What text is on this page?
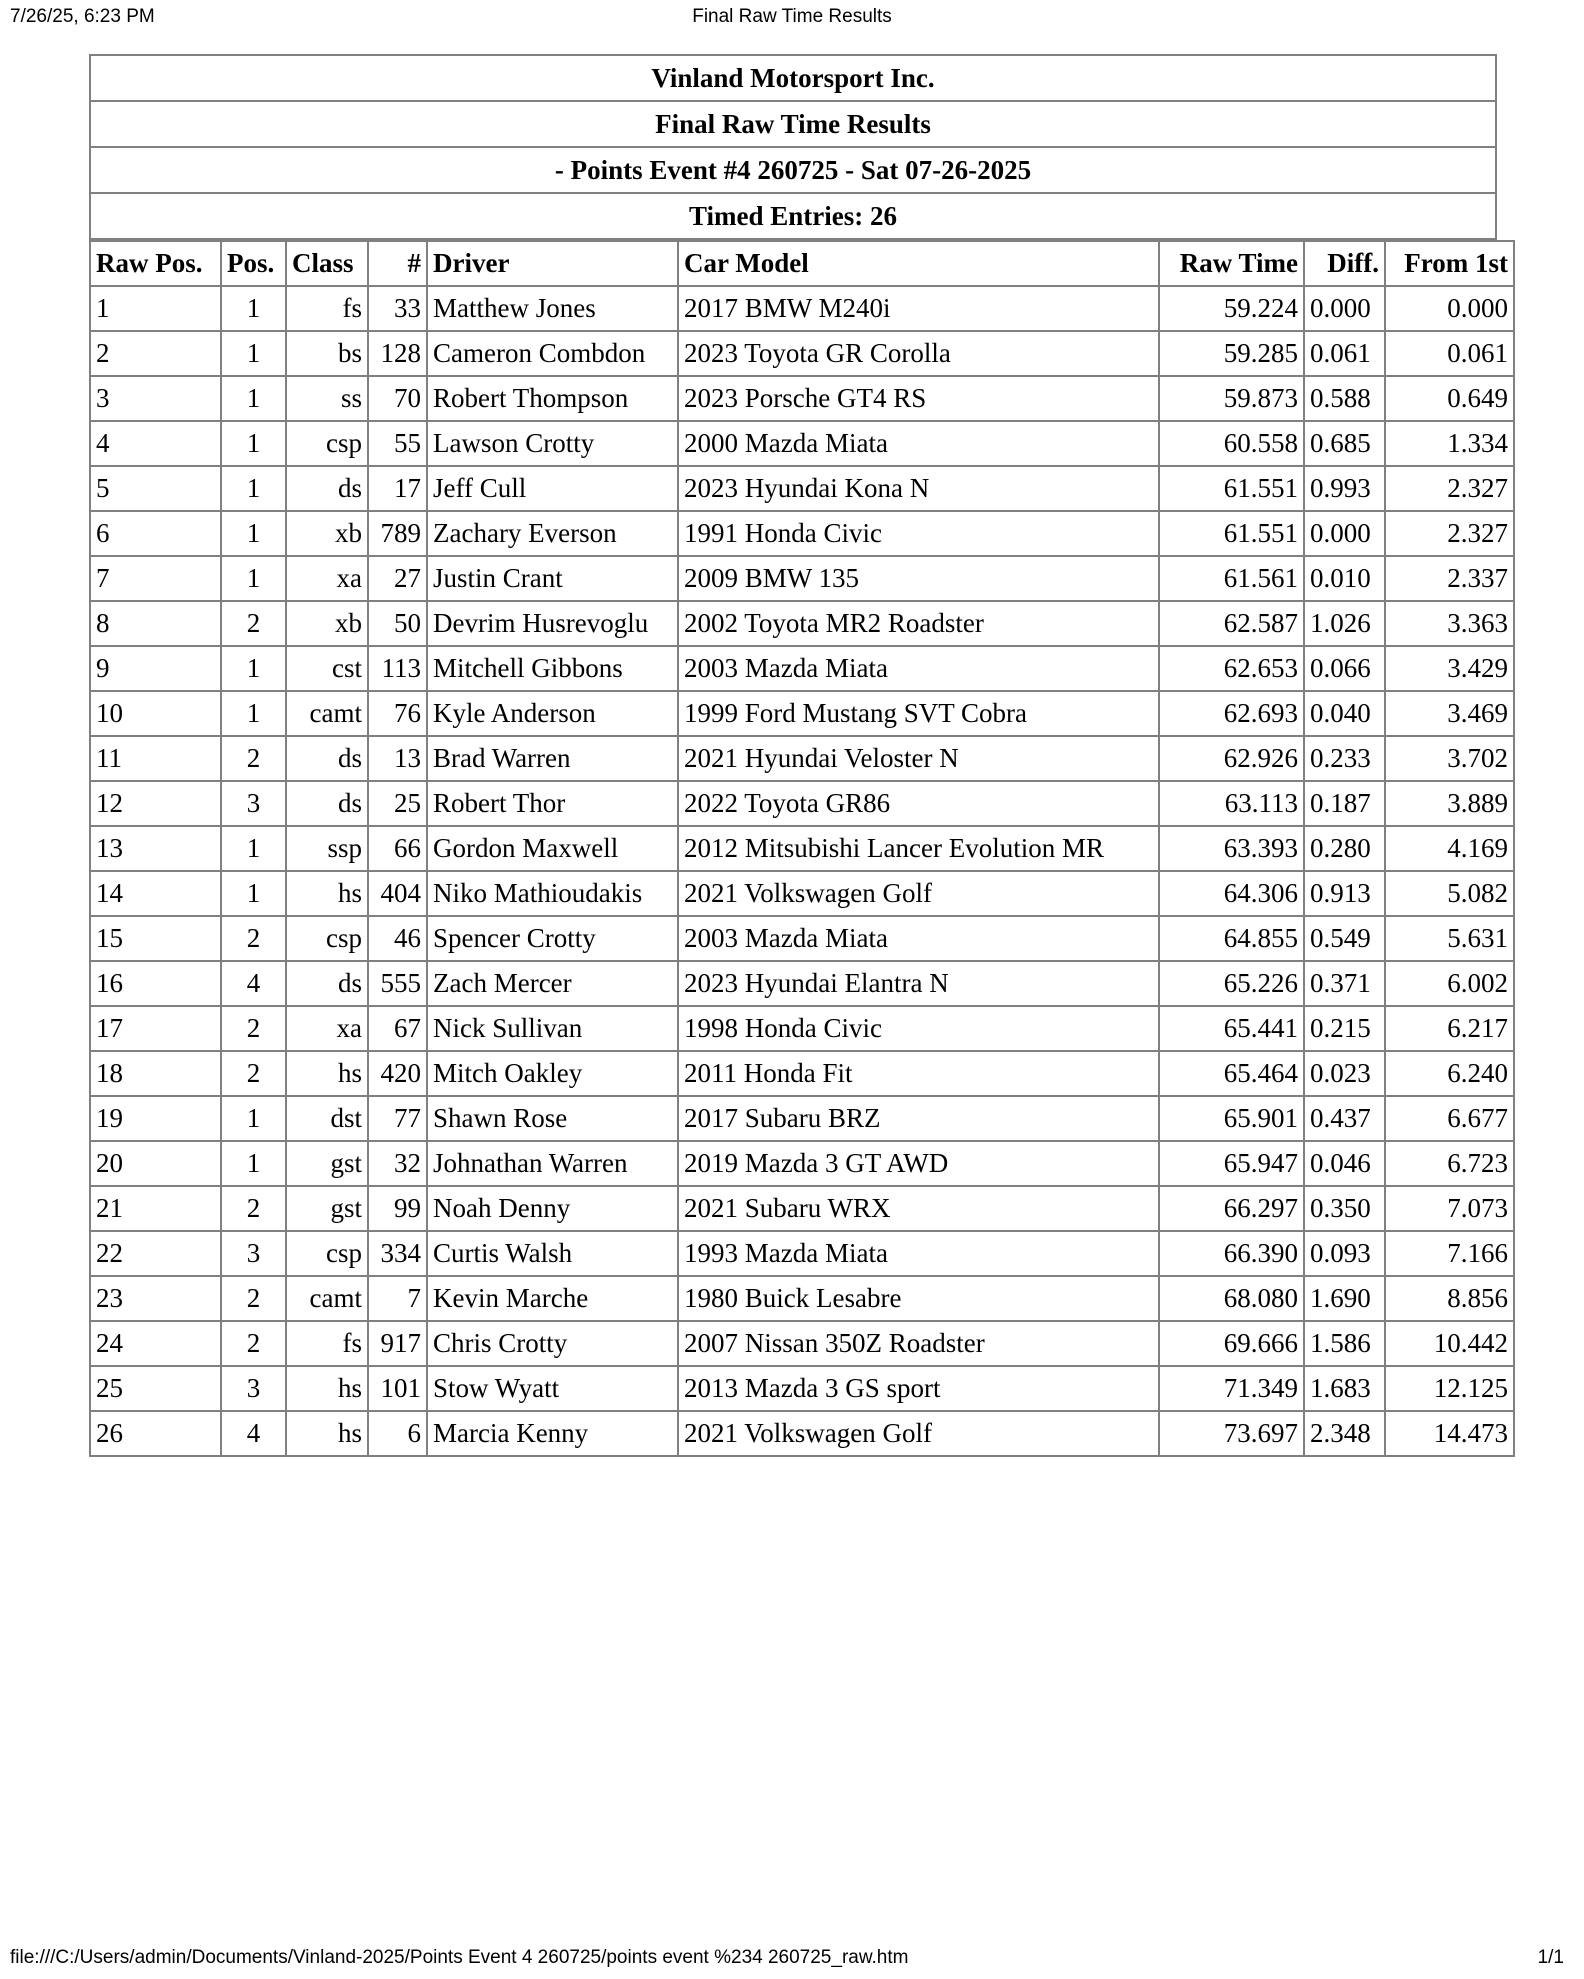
7/26/25, 6:23 PM	Final Raw Time Results
Vinland Motorsport Inc.
Final Raw Time Results
- Points Event #4 260725 - Sat 07-26-2025
Timed Entries: 26
Raw Pos.	Pos.	Class	#	Driver	Car Model	Raw Time	Diff.	From 1st
1	1	fs	33	Matthew Jones	2017 BMW M240i	59.224	0.000	0.000
2	1	bs	128	Cameron Combdon	2023 Toyota GR Corolla	59.285	0.061	0.061
3	1	ss	70	Robert Thompson	2023 Porsche GT4 RS	59.873	0.588	0.649
4	1	csp	55	Lawson Crotty	2000 Mazda Miata	60.558	0.685	1.334
5	1	ds	17	Jeff Cull	2023 Hyundai Kona N	61.551	0.993	2.327
6	1	xb	789	Zachary Everson	1991 Honda Civic	61.551	0.000	2.327
7	1	xa	27	Justin Crant	2009 BMW 135	61.561	0.010	2.337
8	2	xb	50	Devrim Husrevoglu	2002 Toyota MR2 Roadster	62.587	1.026	3.363
9	1	cst	113	Mitchell Gibbons	2003 Mazda Miata	62.653	0.066	3.429
10	1	camt	76	Kyle Anderson	1999 Ford Mustang SVT Cobra	62.693	0.040	3.469
11	2	ds	13	Brad Warren	2021 Hyundai Veloster N	62.926	0.233	3.702
12	3	ds	25	Robert Thor	2022 Toyota GR86	63.113	0.187	3.889
13	1	ssp	66	Gordon Maxwell	2012 Mitsubishi Lancer Evolution MR	63.393	0.280	4.169
14	1	hs	404	Niko Mathioudakis	2021 Volkswagen Golf	64.306	0.913	5.082
15	2	csp	46	Spencer Crotty	2003 Mazda Miata	64.855	0.549	5.631
16	4	ds	555	Zach Mercer	2023 Hyundai Elantra N	65.226	0.371	6.002
17	2	xa	67	Nick Sullivan	1998 Honda Civic	65.441	0.215	6.217
18	2	hs	420	Mitch Oakley	2011 Honda Fit	65.464	0.023	6.240
19	1	dst	77	Shawn Rose	2017 Subaru BRZ	65.901	0.437	6.677
20	1	gst	32	Johnathan Warren	2019 Mazda 3 GT AWD	65.947	0.046	6.723
21	2	gst	99	Noah Denny	2021 Subaru WRX	66.297	0.350	7.073
22	3	csp	334	Curtis Walsh	1993 Mazda Miata	66.390	0.093	7.166
23	2	camt	7	Kevin Marche	1980 Buick Lesabre	68.080	1.690	8.856
24	2	fs	917	Chris Crotty	2007 Nissan 350Z Roadster	69.666	1.586	10.442
25	3	hs	101	Stow Wyatt	2013 Mazda 3 GS sport	71.349	1.683	12.125
26	4	hs	6	Marcia Kenny	2021 Volkswagen Golf	73.697	2.348	14.473
file:///C:/Users/admin/Documents/Vinland-2025/Points Event 4 260725/points event %234 260725_raw.htm	1/1
